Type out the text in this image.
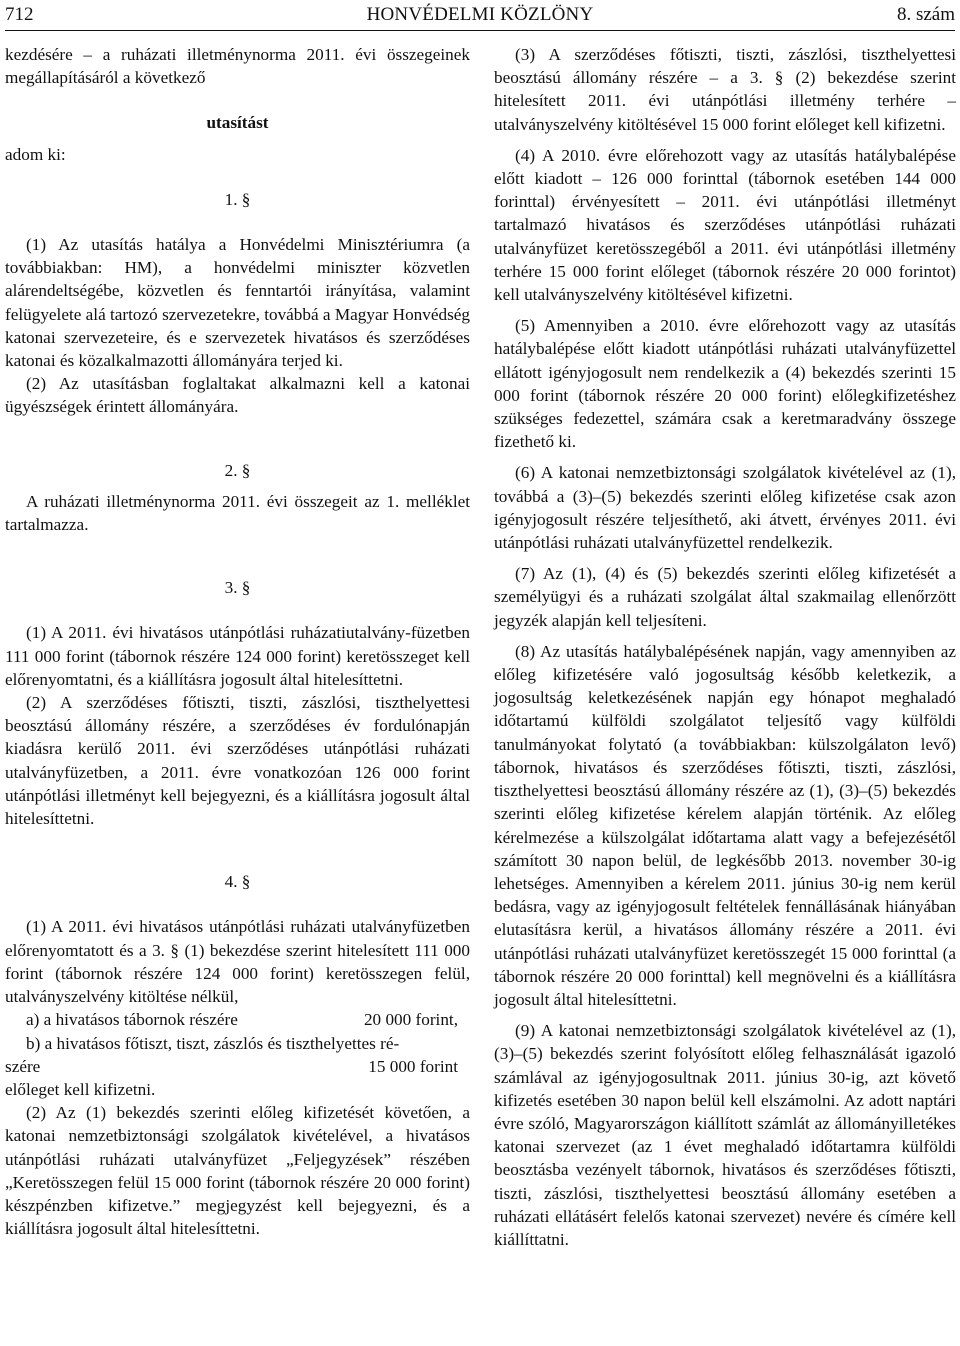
712	HONVÉDELMI KÖZLÖNY	8. szám

kezdésére – a ruházati illetménynorma 2011. évi összegeinek megállapításáról a következő

utasítást

adom ki:

1. §

(1) Az utasítás hatálya a Honvédelmi Minisztériumra (a továbbiakban: HM), a honvédelmi miniszter közvetlen alárendeltségébe, közvetlen és fenntartói irányítása, valamint felügyelete alá tartozó szervezetekre, továbbá a Magyar Honvédség katonai szervezeteire, és e szervezetek hivatásos és szerződéses katonai és közalkalmazotti állományára terjed ki.

(2) Az utasításban foglaltakat alkalmazni kell a katonai ügyészségek érintett állományára.

2. §

A ruházati illetménynorma 2011. évi összegeit az 1. melléklet tartalmazza.

3. §

(1) A 2011. évi hivatásos utánpótlási ruházatiutalvány-füzetben 111 000 forint (tábornok részére 124 000 forint) keretösszeget kell előrenyomtatni, és a kiállításra jogosult által hitelesíttetni.

(2) A szerződéses főtiszti, tiszti, zászlósi, tiszthelyettesi beosztású állomány részére, a szerződéses év fordulónapján kiadásra kerülő 2011. évi szerződéses utánpótlási ruházati utalványfüzetben, a 2011. évre vonatkozóan 126 000 forint utánpótlási illetményt kell bejegyezni, és a kiállításra jogosult által hitelesíttetni.

4. §

(1) A 2011. évi hivatásos utánpótlási ruházati utalványfüzetben előrenyomtatott és a 3. § (1) bekezdése szerint hitelesített 111 000 forint (tábornok részére 124 000 forint) keretösszegen felül, utalványszelvény kitöltése nélkül,

a) a hivatásos tábornok részére	20 000 forint,

b) a hivatásos főtiszt, tiszt, zászlós és tiszthelyettes ré-

szére	15 000 forint

előleget kell kifizetni.

(2) Az (1) bekezdés szerinti előleg kifizetését követően, a katonai nemzetbiztonsági szolgálatok kivételével, a hivatásos utánpótlási ruházati utalványfüzet „Feljegyzések” részében „Keretösszegen felül 15 000 forint (tábornok részére 20 000 forint) készpénzben kifizetve.” megjegyzést kell bejegyezni, és a kiállításra jogosult által hitelesíttetni.

(3) A szerződéses főtiszti, tiszti, zászlósi, tiszthelyettesi beosztású állomány részére – a 3. § (2) bekezdése szerint hitelesített 2011. évi utánpótlási illetmény terhére – utalványszelvény kitöltésével 15 000 forint előleget kell kifizetni.

(4) A 2010. évre előrehozott vagy az utasítás hatálybalépése előtt kiadott – 126 000 forinttal (tábornok esetében 144 000 forinttal) érvényesített – 2011. évi utánpótlási illetményt tartalmazó hivatásos és szerződéses utánpótlási ruházati utalványfüzet keretösszegéből a 2011. évi utánpótlási illetmény terhére 15 000 forint előleget (tábornok részére 20 000 forintot) kell utalványszelvény kitöltésével kifizetni.

(5) Amennyiben a 2010. évre előrehozott vagy az utasítás hatálybalépése előtt kiadott utánpótlási ruházati utalványfüzettel ellátott igényjogosult nem rendelkezik a (4) bekezdés szerinti 15 000 forint (tábornok részére 20 000 forint) előlegkifizetéshez szükséges fedezettel, számára csak a keretmaradvány összege fizethető ki.

(6) A katonai nemzetbiztonsági szolgálatok kivételével az (1), továbbá a (3)–(5) bekezdés szerinti előleg kifizetése csak azon igényjogosult részére teljesíthető, aki átvett, érvényes 2011. évi utánpótlási ruházati utalványfüzettel rendelkezik.

(7) Az (1), (4) és (5) bekezdés szerinti előleg kifizetését a személyügyi és a ruházati szolgálat által szakmailag ellenőrzött jegyzék alapján kell teljesíteni.

(8) Az utasítás hatálybalépésének napján, vagy amennyiben az előleg kifizetésére való jogosultság később keletkezik, a jogosultság keletkezésének napján egy hónapot meghaladó időtartamú külföldi szolgálatot teljesítő vagy külföldi tanulmányokat folytató (a továbbiakban: külszolgálaton levő) tábornok, hivatásos és szerződéses főtiszti, tiszti, zászlósi, tiszthelyettesi beosztású állomány részére az (1), (3)–(5) bekezdés szerinti előleg kifizetése kérelem alapján történik. Az előleg kérelmezése a külszolgálat időtartama alatt vagy a befejezésétől számított 30 napon belül, de legkésőbb 2013. november 30-ig lehetséges. Amennyiben a kérelem 2011. június 30-ig nem kerül bedásra, vagy az igényjogosult feltételek fennállásának hiányában elutasításra kerül, a hivatásos állomány részére a 2011. évi utánpótlási ruházati utalványfüzet keretösszegét 15 000 forinttal (a tábornok részére 20 000 forinttal) kell megnövelni és a kiállításra jogosult által hitelesíttetni.

(9) A katonai nemzetbiztonsági szolgálatok kivételével az (1), (3)–(5) bekezdés szerint folyósított előleg felhasználását igazoló számlával az igényjogosultnak 2011. június 30-ig, azt követő kifizetés esetében 30 napon belül kell elszámolni. Az adott naptári évre szóló, Magyarországon kiállított számlát az állományilletékes katonai szervezet (az 1 évet meghaladó időtartamra külföldi beosztásba vezényelt tábornok, hivatásos és szerződéses főtiszti, tiszti, zászlósi, tiszthelyettesi beosztású állomány esetében a ruházati ellátásért felelős katonai szervezet) nevére és címére kell kiállíttatni.
